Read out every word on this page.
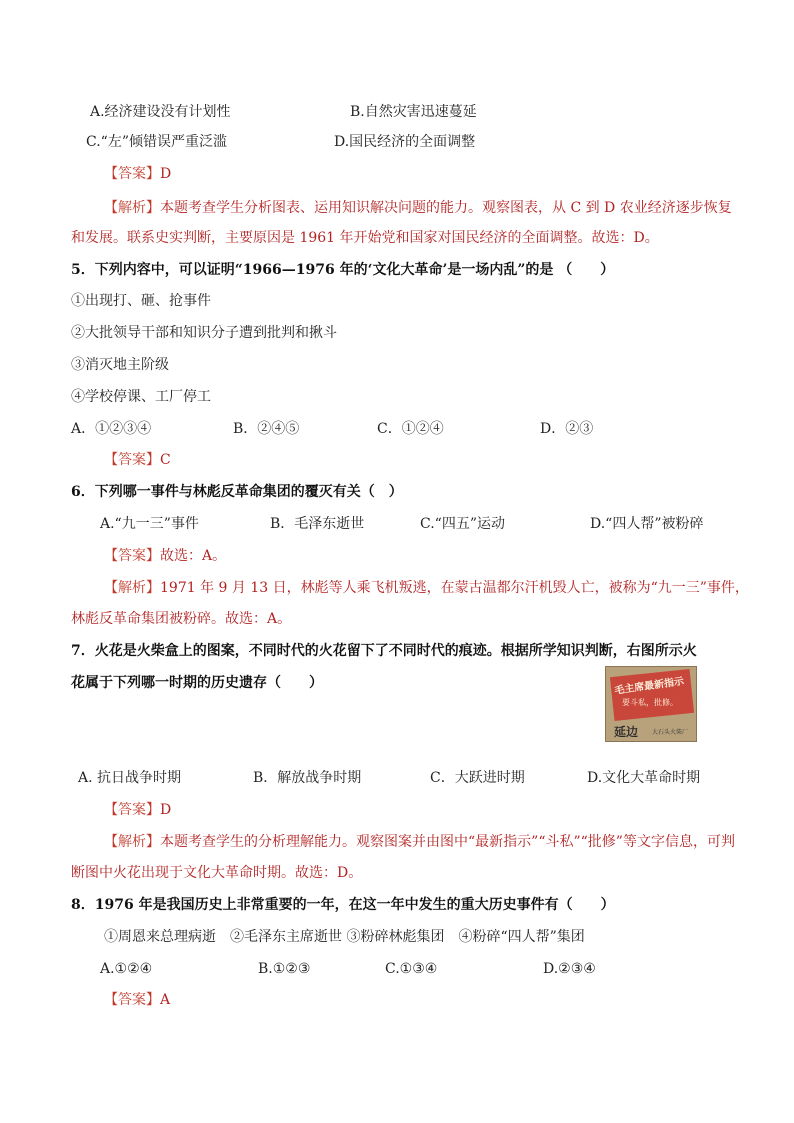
A.经济建设没有计划性	B.自然灾害迅速蔓延
C.“左”倾错误严重泛滥	D.国民经济的全面调整
【答案】D
【解析】本题考查学生分析图表、运用知识解决问题的能力。观察图表，从 C 到 D 农业经济逐步恢复
和发展。联系史实判断，主要原因是 1961 年开始党和国家对国民经济的全面调整。故选：D。
5．下列内容中，可以证明“1966—1976 年的‘文化大革命’是一场内乱”的是 （　　）
①出现打、砸、抢事件
②大批领导干部和知识分子遭到批判和揪斗
③消灭地主阶级
④学校停课、工厂停工
A．①②③④	B．②④⑤	C．①②④	D．②③
【答案】C
6．下列哪一事件与林彪反革命集团的覆灭有关（　）
A.“九一三”事件	B．毛泽东逝世	C.“四五”运动	D.“四人帮”被粉碎
【答案】故选：A。
【解析】1971 年 9 月 13 日，林彪等人乘飞机叛逃，在蒙古温都尔汗机毁人亡，被称为“九一三”事件，
林彪反革命集团被粉碎。故选：A。
7．火花是火柴盒上的图案，不同时代的火花留下了不同时代的痕迹。根据所学知识判断，右图所示火
花属于下列哪一时期的历史遗存（　　）	毛主席最新指示
要斗私，批修。
延边 大石头火柴厂
A. 抗日战争时期	B．解放战争时期	C．大跃进时期	D.文化大革命时期
【答案】D
【解析】本题考查学生的分析理解能力。观察图案并由图中“最新指示”“斗私”“批修”等文字信息，可判
断图中火花出现于文化大革命时期。故选：D。
8．1976 年是我国历史上非常重要的一年，在这一年中发生的重大历史事件有（　　）
①周恩来总理病逝　②毛泽东主席逝世 ③粉碎林彪集团　④粉碎“四人帮”集团
A.①②④	B.①②③	C.①③④	D.②③④
【答案】A
